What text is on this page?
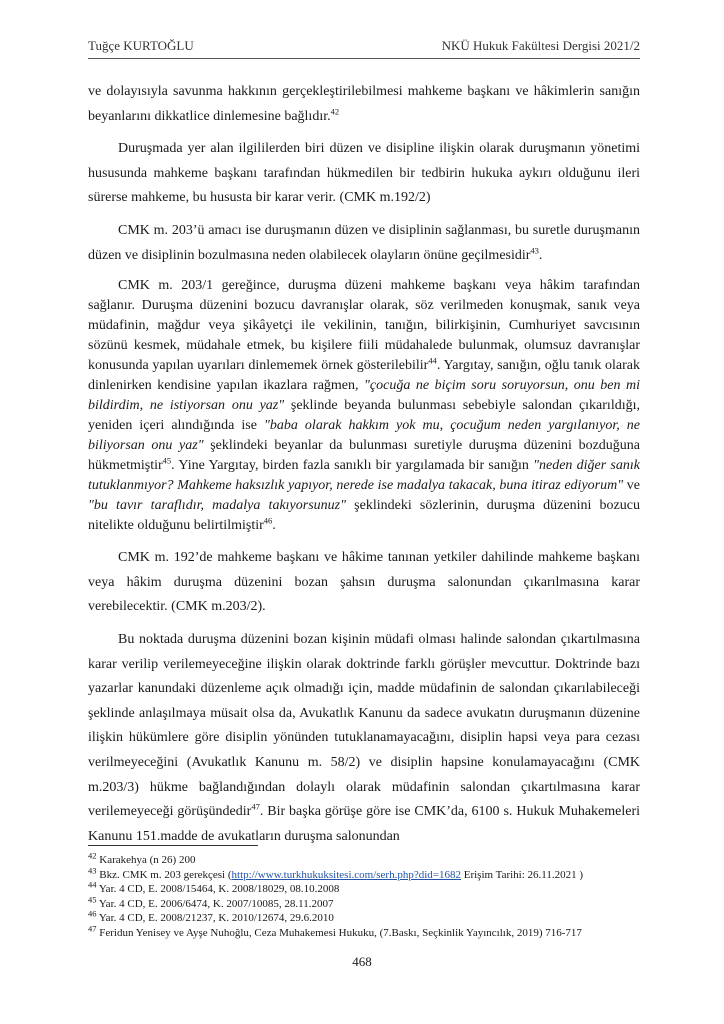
Tuğçe KURTOĞLU	NKÜ Hukuk Fakültesi Dergisi 2021/2

ve dolayısıyla savunma hakkının gerçekleştirilebilmesi mahkeme başkanı ve hâkimlerin sanığın beyanlarını dikkatlice dinlemesine bağlıdır.$^{42}$

Duruşmada yer alan ilgililerden biri düzen ve disipline ilişkin olarak duruşmanın yönetimi hususunda mahkeme başkanı tarafından hükmedilen bir tedbirin hukuka aykırı olduğunu ileri sürerse mahkeme, bu hususta bir karar verir. (CMK m.192/2)

CMK m. 203’ü amacı ise duruşmanın düzen ve disiplinin sağlanması, bu suretle duruşmanın düzen ve disiplinin bozulmasına neden olabilecek olayların önüne geçilmesidir$^{43}$.

CMK m. 203/1 gereğince, duruşma düzeni mahkeme başkanı veya hâkim tarafından sağlanır. Duruşma düzenini bozucu davranışlar olarak, söz verilmeden konuşmak, sanık veya müdafinin, mağdur veya şikâyetçi ile vekilinin, tanığın, bilirkişinin, Cumhuriyet savcısının sözünü kesmek, müdahale etmek, bu kişilere fiili müdahalede bulunmak, olumsuz davranışlar konusunda yapılan uyarıları dinlememek örnek gösterilebilir$^{44}$. Yargıtay, sanığın, oğlu tanık olarak dinlenirken kendisine yapılan ikazlara rağmen, "çocuğa ne biçim soru soruyorsun, onu ben mi bildirdim, ne istiyorsan onu yaz" şeklinde beyanda bulunması sebebiyle salondan çıkarıldığı, yeniden içeri alındığında ise "baba olarak hakkım yok mu, çocuğum neden yargılanıyor, ne biliyorsan onu yaz" şeklindeki beyanlar da bulunması suretiyle duruşma düzenini bozduğuna hükmetmiştir$^{45}$. Yine Yargıtay, birden fazla sanıklı bir yargılamada bir sanığın "neden diğer sanık tutuklanmıyor? Mahkeme haksızlık yapıyor, nerede ise madalya takacak, buna itiraz ediyorum" ve "bu tavır taraflıdır, madalya takıyorsunuz" şeklindeki sözlerinin, duruşma düzenini bozucu nitelikte olduğunu belirtilmiştir$^{46}$.

CMK m. 192’de mahkeme başkanı ve hâkime tanınan yetkiler dahilinde mahkeme başkanı veya hâkim duruşma düzenini bozan şahsın duruşma salonundan çıkarılmasına karar verebilecektir. (CMK m.203/2).

Bu noktada duruşma düzenini bozan kişinin müdafi olması halinde salondan çıkartılmasına karar verilip verilemeyeceğine ilişkin olarak doktrinde farklı görüşler mevcuttur. Doktrinde bazı yazarlar kanundaki düzenleme açık olmadığı için, madde müdafinin de salondan çıkarılabileceği şeklinde anlaşılmaya müsait olsa da, Avukatlık Kanunu da sadece avukatın duruşmanın düzenine ilişkin hükümlere göre disiplin yönünden tutuklanamayacağını, disiplin hapsi veya para cezası verilmeyeceğini (Avukatlık Kanunu m. 58/2) ve disiplin hapsine konulamayacağını (CMK m.203/3) hükme bağlandığından dolaylı olarak müdafinin salondan çıkartılmasına karar verilemeyeceği görüşündedir$^{47}$. Bir başka görüşe göre ise CMK’da, 6100 s. Hukuk Muhakemeleri Kanunu 151.madde de avukatların duruşma salonundan

$^{42}$ Karakehya (n 26) 200
$^{43}$ Bkz. CMK m. 203 gerekçesi (http://www.turkhukuksitesi.com/serh.php?did=1682 Erişim Tarihi: 26.11.2021 )
$^{44}$ Yar. 4 CD, E. 2008/15464, K. 2008/18029, 08.10.2008
$^{45}$ Yar. 4 CD, E. 2006/6474, K. 2007/10085, 28.11.2007
$^{46}$ Yar. 4 CD, E. 2008/21237, K. 2010/12674, 29.6.2010
$^{47}$ Feridun Yenisey ve Ayşe Nuhoğlu, Ceza Muhakemesi Hukuku, (7.Baskı, Seçkinlik Yayıncılık, 2019) 716-717
468
